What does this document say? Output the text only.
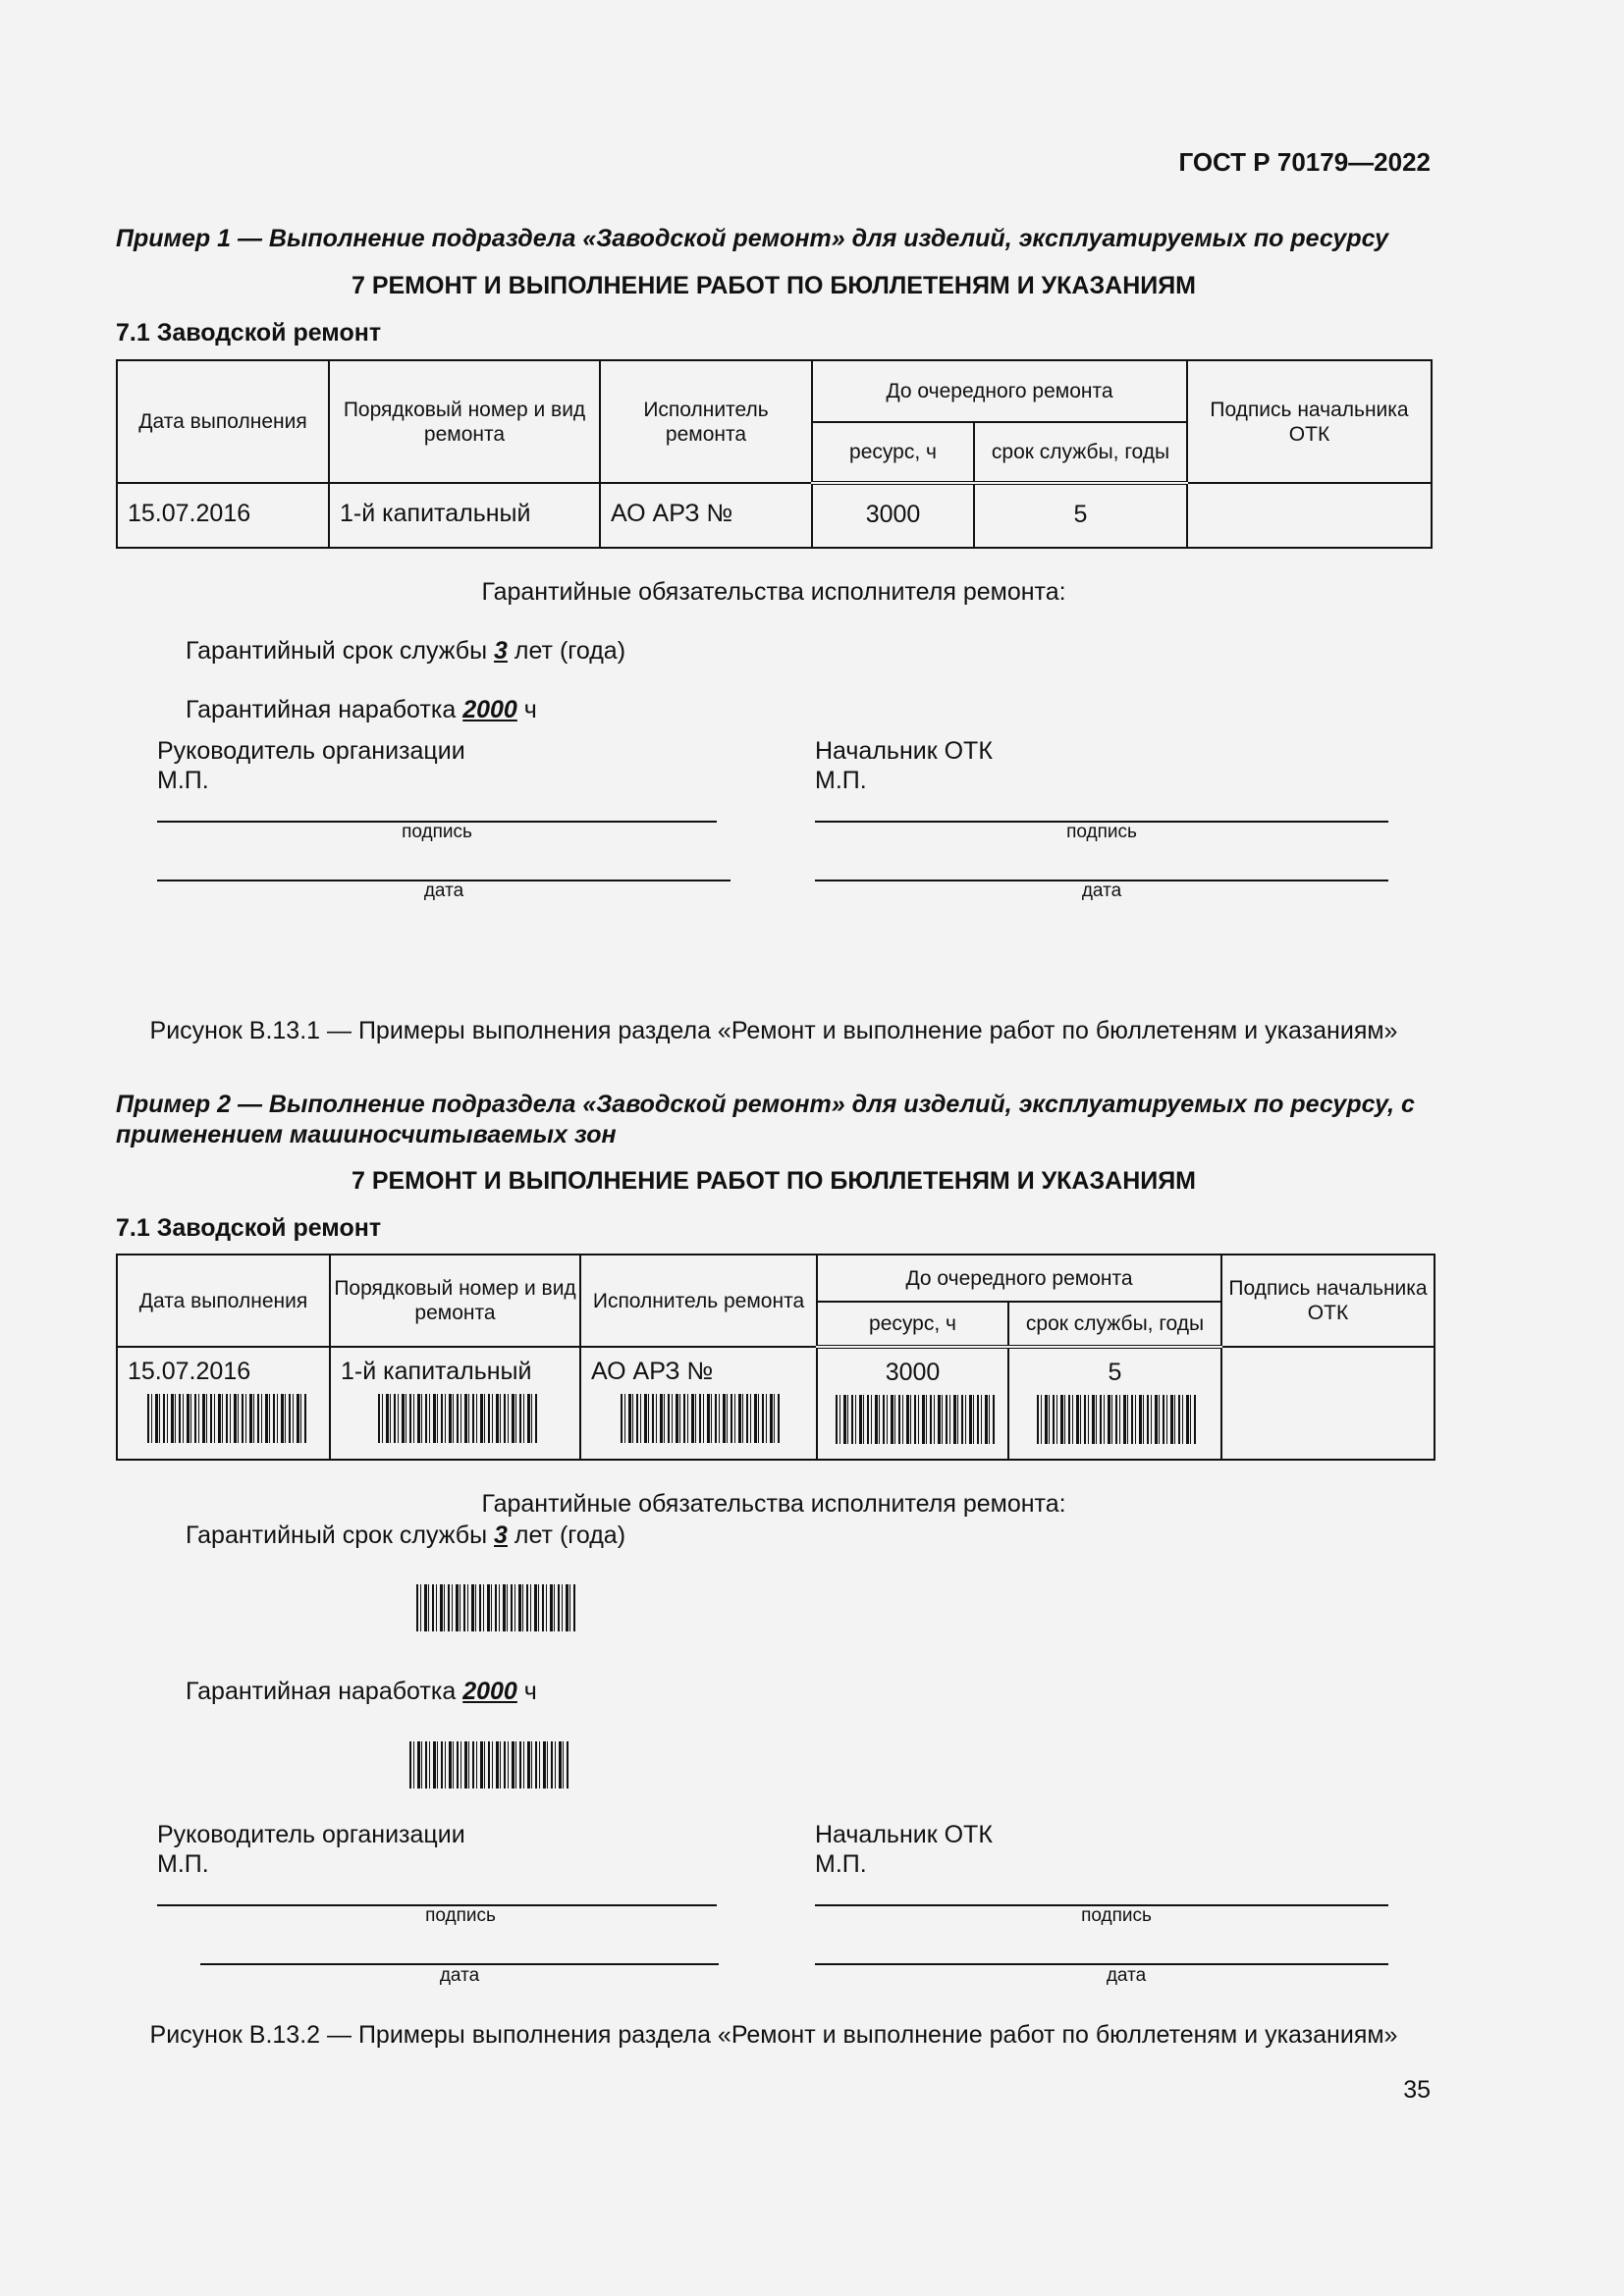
ГОСТ Р 70179—2022
Пример 1 — Выполнение подраздела «Заводской ремонт» для изделий, эксплуатируемых по ресурсу
7 РЕМОНТ И ВЫПОЛНЕНИЕ РАБОТ ПО БЮЛЛЕТЕНЯМ И УКАЗАНИЯМ
7.1 Заводской ремонт
Дата выполнения	Порядковый номер и вид ремонта	Исполнитель ремонта	До очередного ремонта		Подпись начальника ОТК
			ресурс, ч	срок службы, годы	

15.07.2016	1-й капитальный	АО АРЗ №	3000	5	

Гарантийные обязательства исполнителя ремонта:
Гарантийный срок службы 3 лет (года)
Гарантийная наработка 2000 ч
Руководитель организации
М.П.
подпись
дата
Начальник ОТК
М.П.
подпись
дата
Рисунок В.13.1 — Примеры выполнения раздела «Ремонт и выполнение работ по бюллетеням и указаниям»
Пример 2 — Выполнение подраздела «Заводской ремонт» для изделий, эксплуатируемых по ресурсу, с применением машиносчитываемых зон
7 РЕМОНТ И ВЫПОЛНЕНИЕ РАБОТ ПО БЮЛЛЕТЕНЯМ И УКАЗАНИЯМ
7.1 Заводской ремонт
Дата выполнения	Порядковый номер и вид ремонта	Исполнитель ремонта	До очередного ремонта		Подпись начальника ОТК
			ресурс, ч	срок службы, годы	

15.07.2016	1-й капитальный	АО АРЗ №	3000	5	

Гарантийные обязательства исполнителя ремонта:
Гарантийный срок службы 3 лет (года)
Гарантийная наработка 2000 ч
Руководитель организации
М.П.
подпись
дата
Начальник ОТК
М.П.
подпись
дата
Рисунок В.13.2 — Примеры выполнения раздела «Ремонт и выполнение работ по бюллетеням и указаниям»
35
